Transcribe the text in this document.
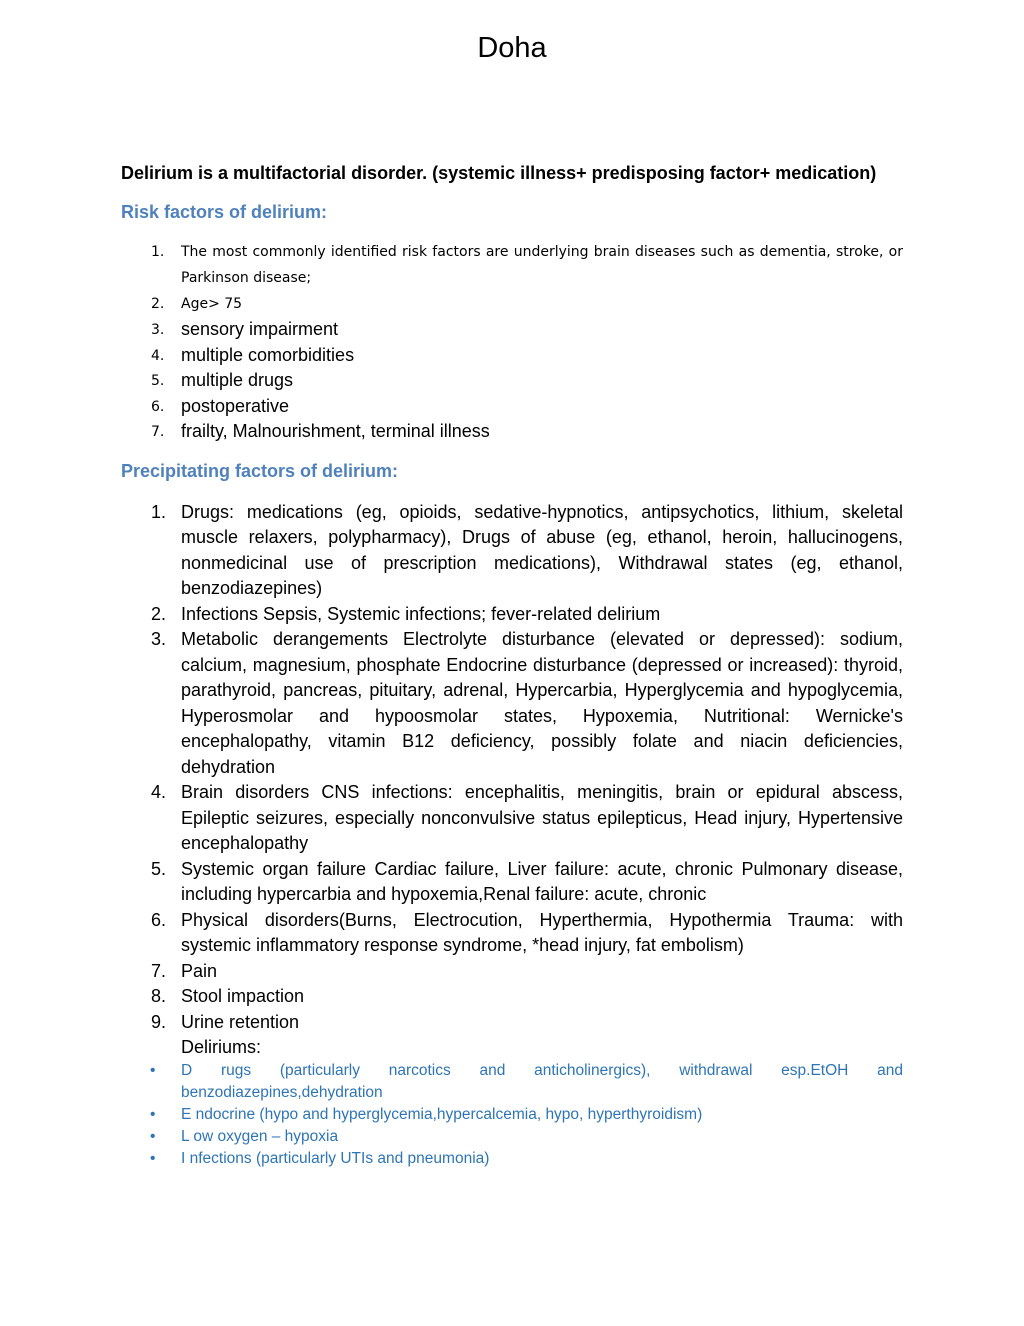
Doha

Delirium is a multifactorial disorder. (systemic illness+ predisposing factor+ medication)

Risk factors of delirium:
1. The most commonly identified risk factors are underlying brain diseases such as dementia, stroke, or Parkinson disease;
2. Age> 75
3. sensory impairment
4. multiple comorbidities
5. multiple drugs
6. postoperative
7. frailty, Malnourishment, terminal illness
Precipitating factors of delirium:
1. Drugs: medications (eg, opioids, sedative-hypnotics, antipsychotics, lithium, skeletal muscle relaxers, polypharmacy), Drugs of abuse (eg, ethanol, heroin, hallucinogens, nonmedicinal use of prescription medications), Withdrawal states (eg, ethanol, benzodiazepines)
2. Infections Sepsis, Systemic infections; fever-related delirium
3. Metabolic derangements Electrolyte disturbance (elevated or depressed): sodium, calcium, magnesium, phosphate Endocrine disturbance (depressed or increased): thyroid, parathyroid, pancreas, pituitary, adrenal, Hypercarbia, Hyperglycemia and hypoglycemia, Hyperosmolar and hypoosmolar states, Hypoxemia, Nutritional: Wernicke's encephalopathy, vitamin B12 deficiency, possibly folate and niacin deficiencies, dehydration
4. Brain disorders CNS infections: encephalitis, meningitis, brain or epidural abscess, Epileptic seizures, especially nonconvulsive status epilepticus, Head injury, Hypertensive encephalopathy
5. Systemic organ failure Cardiac failure, Liver failure: acute, chronic Pulmonary disease, including hypercarbia and hypoxemia,Renal failure: acute, chronic
6. Physical disorders(Burns, Electrocution, Hyperthermia, Hypothermia Trauma: with systemic inflammatory response syndrome, *head injury, fat embolism)
7. Pain
8. Stool impaction
9. Urine retention
Deliriums:
• D rugs (particularly narcotics and anticholinergics), withdrawal esp.EtOH and benzodiazepines,dehydration
• E ndocrine (hypo and hyperglycemia,hypercalcemia, hypo, hyperthyroidism)
• L ow oxygen – hypoxia
• I nfections (particularly UTIs and pneumonia)
